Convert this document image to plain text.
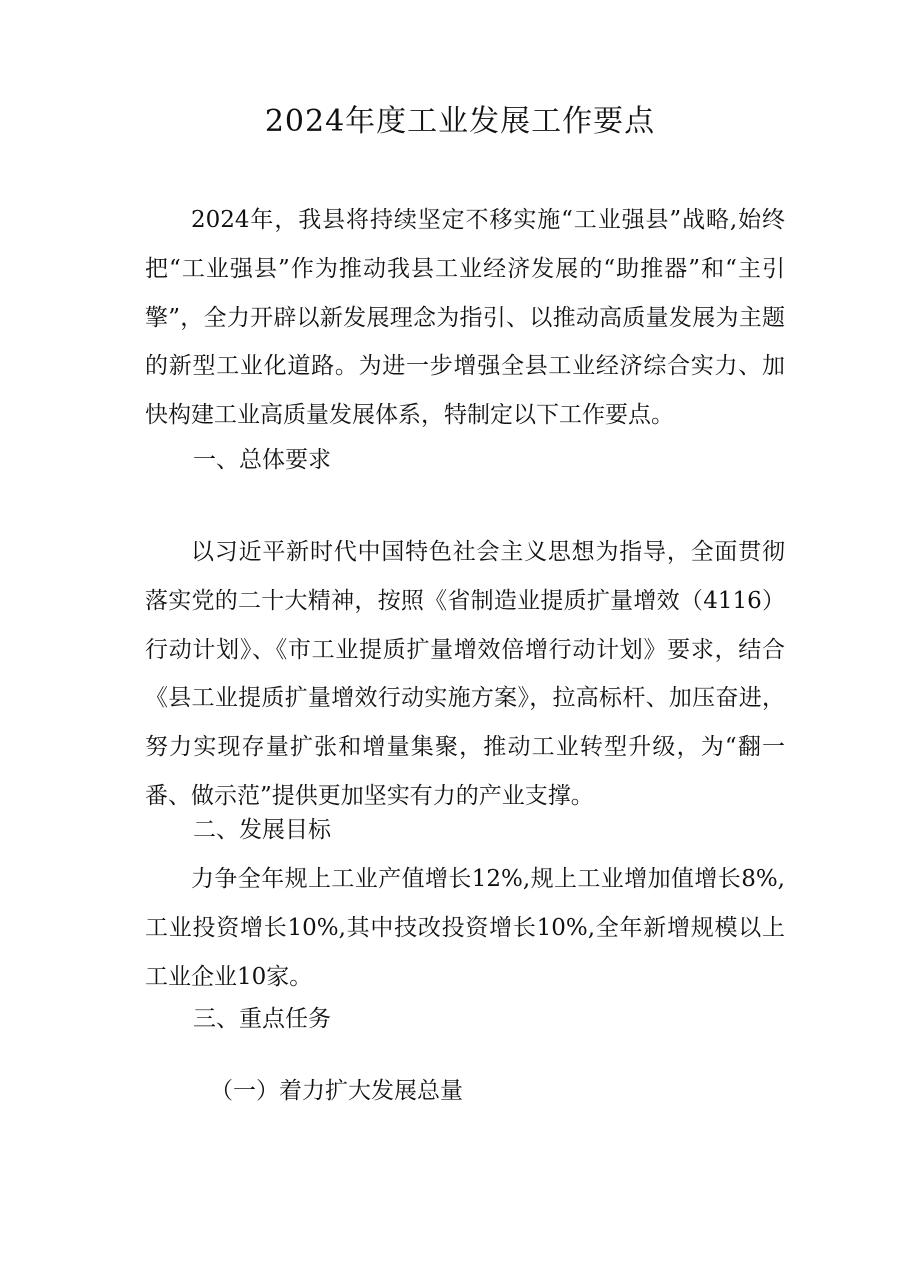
2024年度工业发展工作要点

2024年，我县将持续坚定不移实施“工业强县”战略,始终把“工业强县”作为推动我县工业经济发展的“助推器”和“主引擎”，全力开辟以新发展理念为指引、以推动高质量发展为主题的新型工业化道路。为进一步增强全县工业经济综合实力、加快构建工业高质量发展体系，特制定以下工作要点。

一、总体要求

以习近平新时代中国特色社会主义思想为指导，全面贯彻落实党的二十大精神，按照《省制造业提质扩量增效（4116）行动计划》、《市工业提质扩量增效倍增行动计划》要求，结合《县工业提质扩量增效行动实施方案》，拉高标杆、加压奋进，努力实现存量扩张和增量集聚，推动工业转型升级，为“翻一番、做示范”提供更加坚实有力的产业支撑。

二、发展目标

力争全年规上工业产值增长12%,规上工业增加值增长8%,工业投资增长10%,其中技改投资增长10%,全年新增规模以上工业企业10家。

三、重点任务
（一）着力扩大发展总量
